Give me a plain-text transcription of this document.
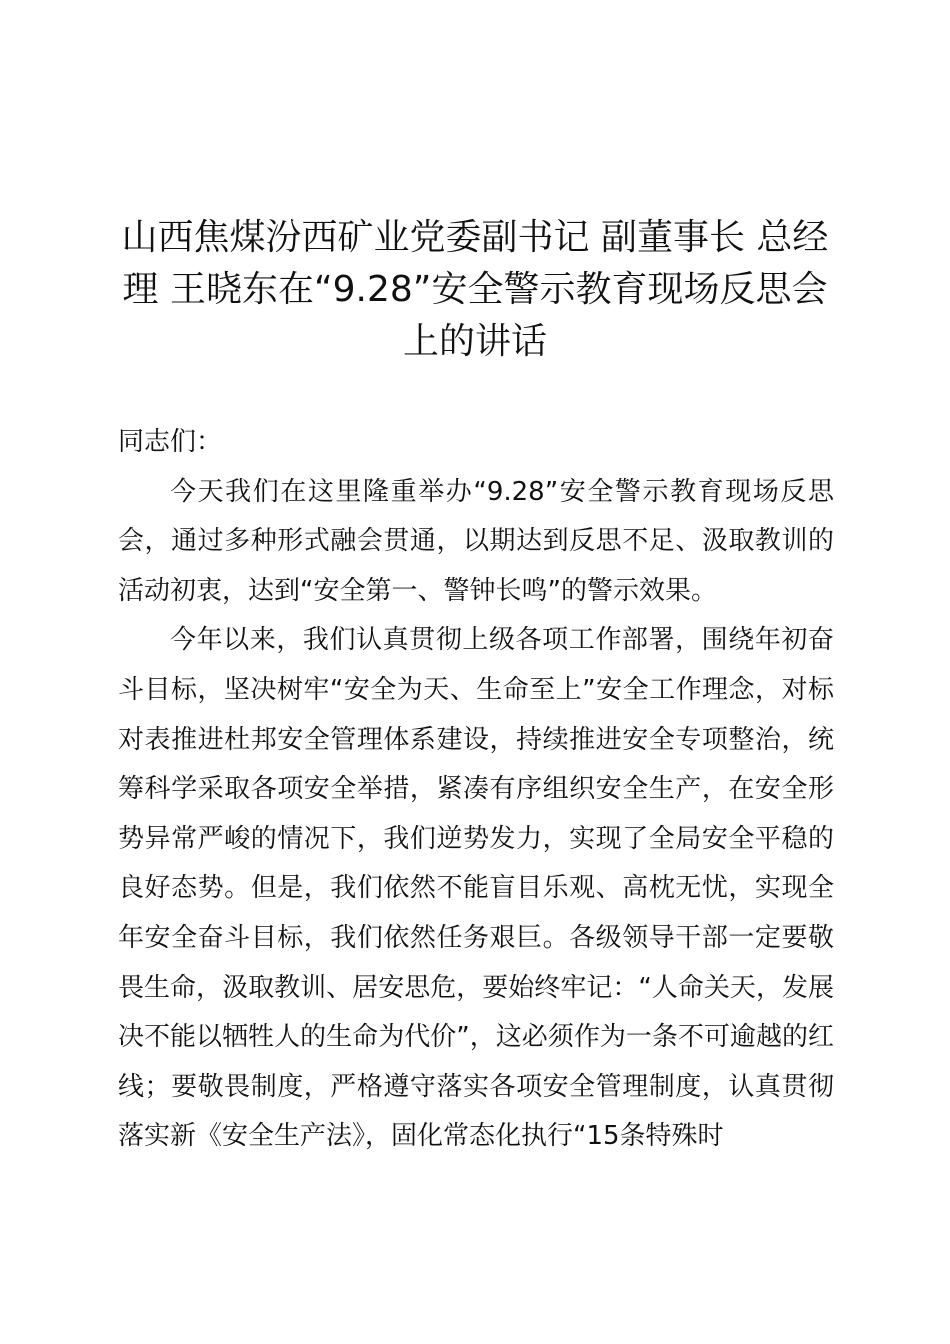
山西焦煤汾西矿业党委副书记 副董事长 总经理 王晓东在“9.28”安全警示教育现场反思会上的讲话

同志们：

今天我们在这里隆重举办“9.28”安全警示教育现场反思会，通过多种形式融会贯通，以期达到反思不足、汲取教训的活动初衷，达到“安全第一、警钟长鸣”的警示效果。

今年以来，我们认真贯彻上级各项工作部署，围绕年初奋斗目标，坚决树牢“安全为天、生命至上”安全工作理念，对标对表推进杜邦安全管理体系建设，持续推进安全专项整治，统筹科学采取各项安全举措，紧凑有序组织安全生产，在安全形势异常严峻的情况下，我们逆势发力，实现了全局安全平稳的良好态势。但是，我们依然不能盲目乐观、高枕无忧，实现全年安全奋斗目标，我们依然任务艰巨。各级领导干部一定要敬畏生命，汲取教训、居安思危，要始终牢记：“人命关天，发展决不能以牺牲人的生命为代价”，这必须作为一条不可逾越的红线；要敬畏制度，严格遵守落实各项安全管理制度，认真贯彻落实新《安全生产法》，固化常态化执行“15条特殊时
